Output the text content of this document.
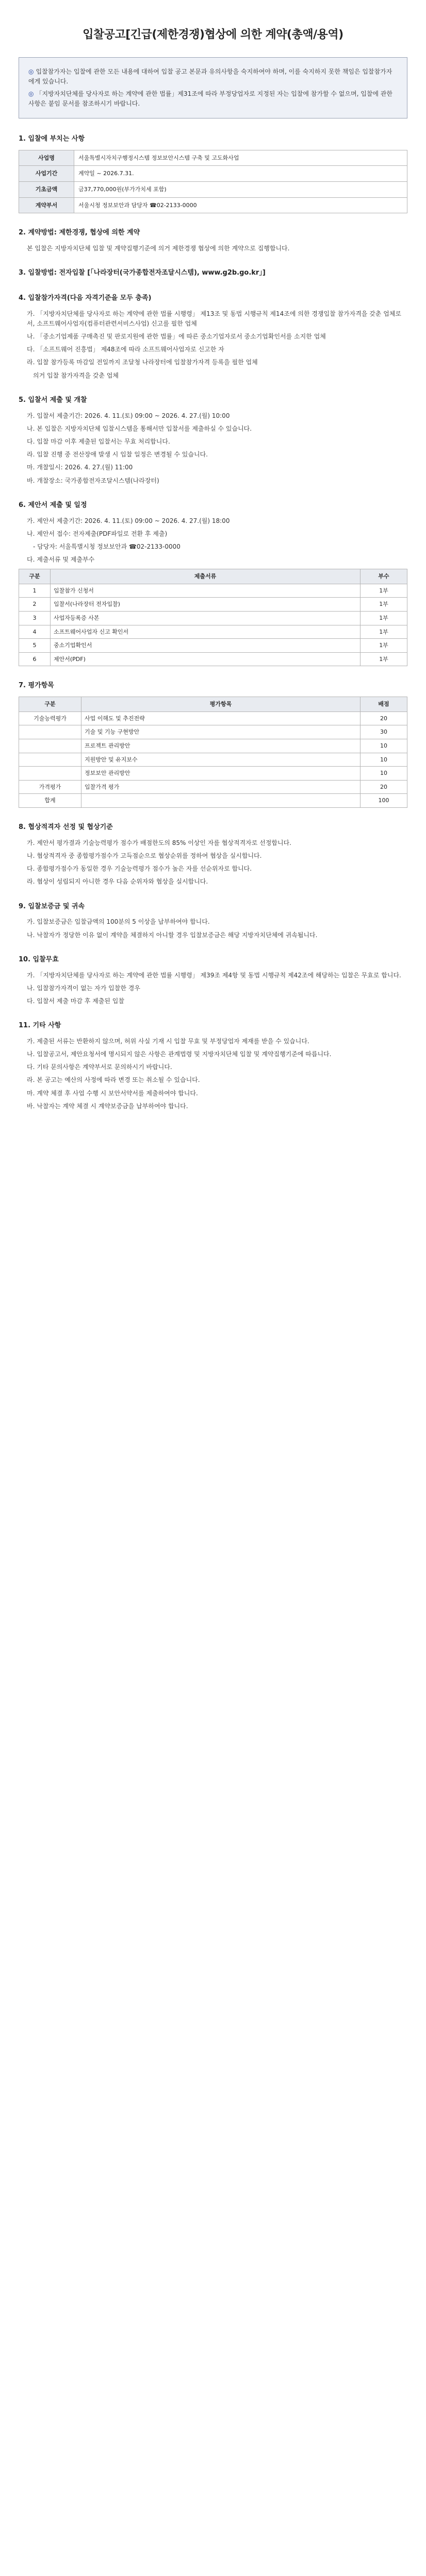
입찰공고[긴급(제한경쟁)협상에 의한 계약(총액/용역)

◎ 입찰참가자는 입찰에 관한 모든 내용에 대하여 입찰 공고 본문과 유의사항을 숙지하여야 하며, 이를 숙지하지 못한 책임은 입찰참가자에게 있습니다.

◎ 「지방자치단체를 당사자로 하는 계약에 관한 법률」제31조에 따라 부정당업자로 지정된 자는 입찰에 참가할 수 없으며, 입찰에 관한 사항은 붙임 문서를 참조하시기 바랍니다.

1. 입찰에 부치는 사항
사업명	서울특별시자치구행정시스템 정보보안시스템 구축 및 고도화사업
사업기간	계약일 ~ 2026.7.31.
기초금액	금37,770,000원(부가가치세 포함)
계약부서	서울시청 정보보안과 담당자 ☎02-2133-0000
2. 계약방법: 제한경쟁, 협상에 의한 계약
본 입찰은 지방자치단체 입찰 및 계약집행기준에 의거 제한경쟁 협상에 의한 계약으로 집행합니다.
3. 입찰방법: 전자입찰 [「나라장터(국가종합전자조달시스템), www.g2b.go.kr」]
4. 입찰참가자격(다음 자격기준을 모두 충족)
가. 「지방자치단체를 당사자로 하는 계약에 관한 법률 시행령」 제13조 및 동법 시행규칙 제14조에 의한 경쟁입찰 참가자격을 갖춘 업체로서, 소프트웨어사업자(컴퓨터관련서비스사업) 신고를 필한 업체
나. 「중소기업제품 구매촉진 및 판로지원에 관한 법률」에 따른 중소기업자로서 중소기업확인서를 소지한 업체
다. 「소프트웨어 진흥법」 제48조에 따라 소프트웨어사업자로 신고한 자
라. 입찰 참가등록 마감일 전일까지 조달청 나라장터에 입찰참가자격 등록을 필한 업체
의거 입찰 참가자격을 갖춘 업체
5. 입찰서 제출 및 개찰
가. 입찰서 제출기간: 2026. 4. 11.(토) 09:00 ~ 2026. 4. 27.(월) 10:00
나. 본 입찰은 지방자치단체 입찰시스템을 통해서만 입찰서를 제출하실 수 있습니다.
다. 입찰 마감 이후 제출된 입찰서는 무효 처리합니다.
라. 입찰 진행 중 전산장애 발생 시 입찰 일정은 변경될 수 있습니다.
마. 개찰일시: 2026. 4. 27.(월) 11:00
바. 개찰장소: 국가종합전자조달시스템(나라장터)
6. 제안서 제출 및 일정
가. 제안서 제출기간: 2026. 4. 11.(토) 09:00 ~ 2026. 4. 27.(월) 18:00
나. 제안서 접수: 전자제출(PDF파일로 전환 후 제출)
- 담당자: 서울특별시청 정보보안과 ☎02-2133-0000
다. 제출서류 및 제출부수
구분	제출서류	부수
1	입찰참가 신청서	1부
2	입찰서(나라장터 전자입찰)	1부
3	사업자등록증 사본	1부
4	소프트웨어사업자 신고 확인서	1부
5	중소기업확인서	1부
6	제안서(PDF)	1부
7. 평가항목
구분	평가항목	배점
기술능력평가	사업 이해도 및 추진전략	20
	기술 및 기능 구현방안	30
	프로젝트 관리방안	10
	지원방안 및 유지보수	10
	정보보안 관리방안	10
가격평가	입찰가격 평가	20
합계		100
8. 협상적격자 선정 및 협상기준
가. 제안서 평가결과 기술능력평가 점수가 배점한도의 85% 이상인 자를 협상적격자로 선정합니다.
나. 협상적격자 중 종합평가점수가 고득점순으로 협상순위를 정하여 협상을 실시합니다.
다. 종합평가점수가 동일한 경우 기술능력평가 점수가 높은 자를 선순위자로 합니다.
라. 협상이 성립되지 아니한 경우 다음 순위자와 협상을 실시합니다.
9. 입찰보증금 및 귀속
가. 입찰보증금은 입찰금액의 100분의 5 이상을 납부하여야 합니다.
나. 낙찰자가 정당한 이유 없이 계약을 체결하지 아니할 경우 입찰보증금은 해당 지방자치단체에 귀속됩니다.
10. 입찰무효
가. 「지방자치단체를 당사자로 하는 계약에 관한 법률 시행령」 제39조 제4항 및 동법 시행규칙 제42조에 해당하는 입찰은 무효로 합니다.
나. 입찰참가자격이 없는 자가 입찰한 경우
다. 입찰서 제출 마감 후 제출된 입찰
11. 기타 사항
가. 제출된 서류는 반환하지 않으며, 허위 사실 기재 시 입찰 무효 및 부정당업자 제재를 받을 수 있습니다.
나. 입찰공고서, 제안요청서에 명시되지 않은 사항은 관계법령 및 지방자치단체 입찰 및 계약집행기준에 따릅니다.
다. 기타 문의사항은 계약부서로 문의하시기 바랍니다.
라. 본 공고는 예산의 사정에 따라 변경 또는 취소될 수 있습니다.
마. 계약 체결 후 사업 수행 시 보안서약서를 제출하여야 합니다.
바. 낙찰자는 계약 체결 시 계약보증금을 납부하여야 합니다.
